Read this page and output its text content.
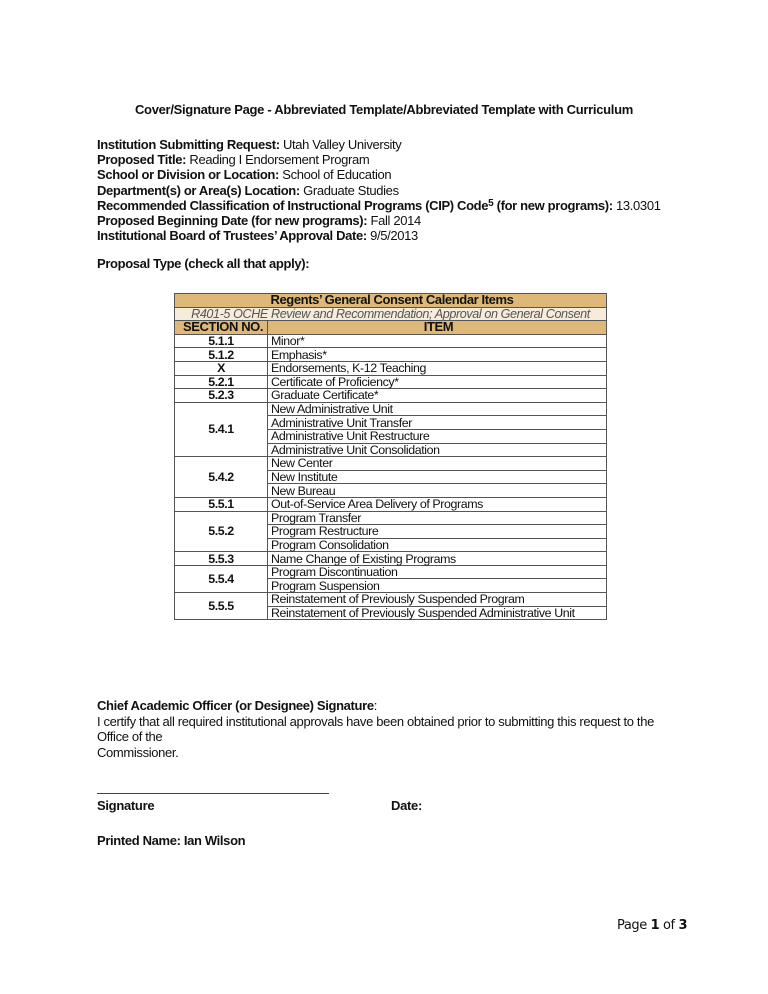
Cover/Signature Page - Abbreviated Template/Abbreviated Template with Curriculum
Institution Submitting Request: Utah Valley University
Proposed Title: Reading I Endorsement Program
School or Division or Location: School of Education
Department(s) or Area(s) Location: Graduate Studies
Recommended Classification of Instructional Programs (CIP) Code$^5$ (for new programs): 13.0301
Proposed Beginning Date (for new programs): Fall 2014
Institutional Board of Trustees’ Approval Date: 9/5/2013
Proposal Type (check all that apply):
Regents’ General Consent Calendar Items	
R401-5 OCHE Review and Recommendation; Approval on General Consent	
SECTION NO.	ITEM
5.1.1	Minor*
5.1.2	Emphasis*
X	Endorsements, K-12 Teaching
5.2.1	Certificate of Proficiency*
5.2.3	Graduate Certificate*
5.4.1	New Administrative Unit
	Administrative Unit Transfer
	Administrative Unit Restructure
	Administrative Unit Consolidation
5.4.2	New Center
	New Institute
	New Bureau
5.5.1	Out-of-Service Area Delivery of Programs
5.5.2	Program Transfer
	Program Restructure
	Program Consolidation
5.5.3	Name Change of Existing Programs
5.5.4	Program Discontinuation
	Program Suspension
5.5.5	Reinstatement of Previously Suspended Program
	Reinstatement of Previously Suspended Administrative Unit
Chief Academic Officer (or Designee) Signature:
I certify that all required institutional approvals have been obtained prior to submitting this request to the
Office of the
Commissioner.
Signature	Date:
Printed Name: Ian Wilson
Page 1 of 3
